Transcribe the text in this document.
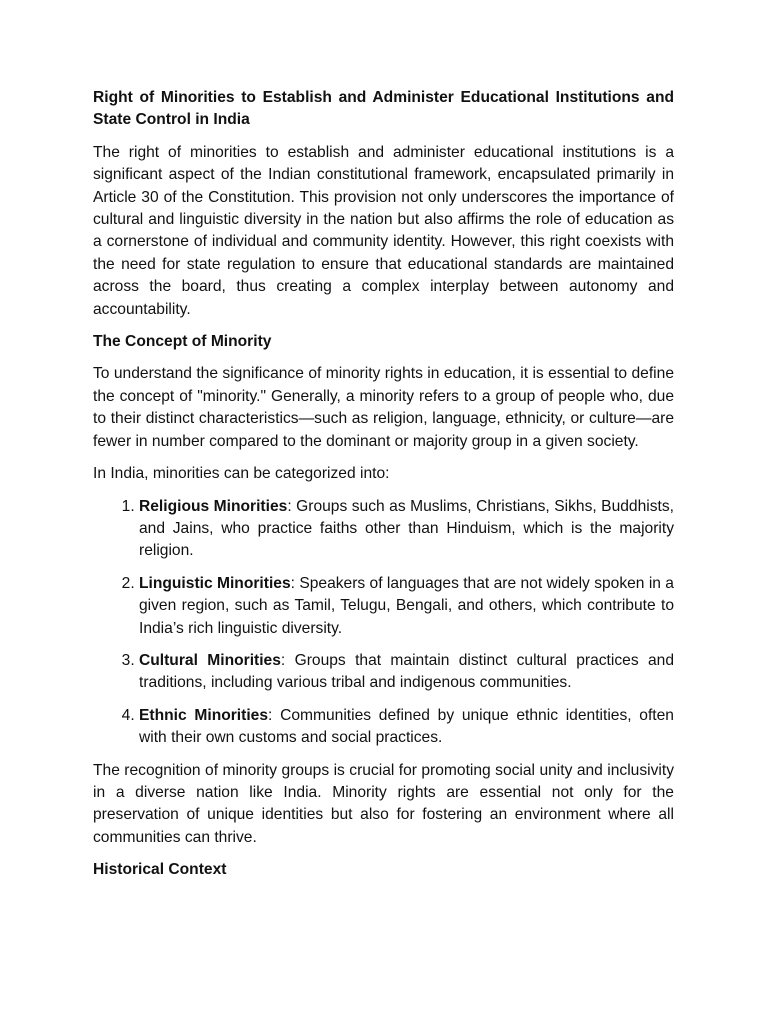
Right of Minorities to Establish and Administer Educational Institutions and State Control in India

The right of minorities to establish and administer educational institutions is a significant aspect of the Indian constitutional framework, encapsulated primarily in Article 30 of the Constitution. This provision not only underscores the importance of cultural and linguistic diversity in the nation but also affirms the role of education as a cornerstone of individual and community identity. However, this right coexists with the need for state regulation to ensure that educational standards are maintained across the board, thus creating a complex interplay between autonomy and accountability.

The Concept of Minority

To understand the significance of minority rights in education, it is essential to define the concept of "minority." Generally, a minority refers to a group of people who, due to their distinct characteristics—such as religion, language, ethnicity, or culture—are fewer in number compared to the dominant or majority group in a given society.

In India, minorities can be categorized into:

1. Religious Minorities: Groups such as Muslims, Christians, Sikhs, Buddhists, and Jains, who practice faiths other than Hinduism, which is the majority religion.
2. Linguistic Minorities: Speakers of languages that are not widely spoken in a given region, such as Tamil, Telugu, Bengali, and others, which contribute to India’s rich linguistic diversity.
3. Cultural Minorities: Groups that maintain distinct cultural practices and traditions, including various tribal and indigenous communities.
4. Ethnic Minorities: Communities defined by unique ethnic identities, often with their own customs and social practices.

The recognition of minority groups is crucial for promoting social unity and inclusivity in a diverse nation like India. Minority rights are essential not only for the preservation of unique identities but also for fostering an environment where all communities can thrive.

Historical Context
